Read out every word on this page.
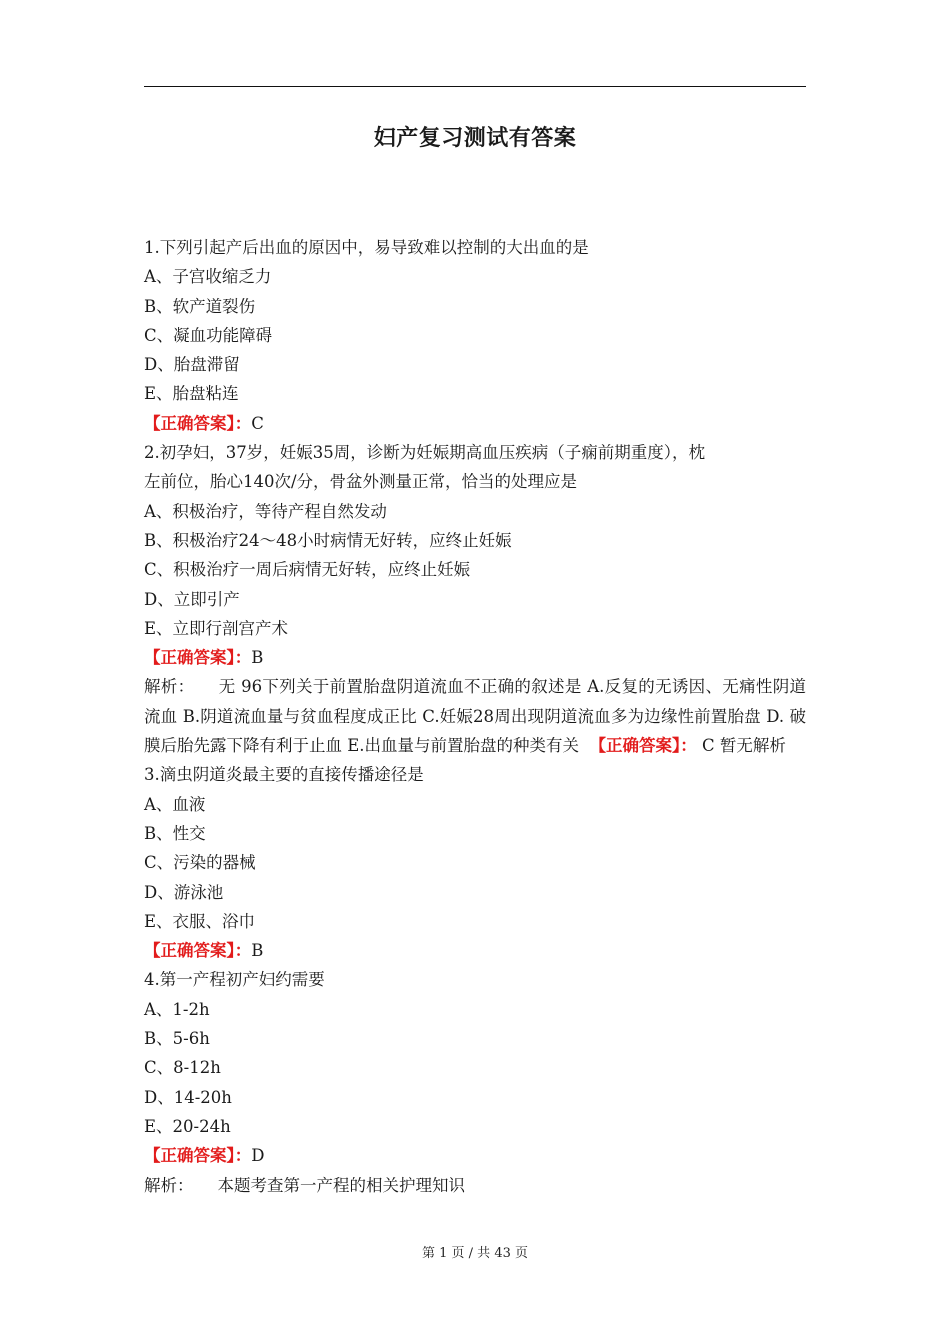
妇产复习测试有答案
1.下列引起产后出血的原因中，易导致难以控制的大出血的是
A、子宫收缩乏力
B、软产道裂伤
C、凝血功能障碍
D、胎盘滞留
E、胎盘粘连
【正确答案】：C
2.初孕妇，37岁，妊娠35周，诊断为妊娠期高血压疾病（子痫前期重度），枕
左前位，胎心140次/分，骨盆外测量正常，恰当的处理应是
A、积极治疗，等待产程自然发动
B、积极治疗24～48小时病情无好转，应终止妊娠
C、积极治疗一周后病情无好转，应终止妊娠
D、立即引产
E、立即行剖宫产术
【正确答案】：B
解析： 无 96下列关于前置胎盘阴道流血不正确的叙述是 A.反复的无诱因、无痛性阴道流血 B.阴道流血量与贫血程度成正比 C.妊娠28周出现阴道流血多为边缘性前置胎盘 D. 破膜后胎先露下降有利于止血 E.出血量与前置胎盘的种类有关 【正确答案】： C 暂无解析
3.滴虫阴道炎最主要的直接传播途径是
A、血液
B、性交
C、污染的器械
D、游泳池
E、衣服、浴巾
【正确答案】：B
4.第一产程初产妇约需要
A、1-2h
B、5-6h
C、8-12h
D、14-20h
E、20-24h
【正确答案】：D
解析： 本题考查第一产程的相关护理知识
第 1 页 / 共 43 页
